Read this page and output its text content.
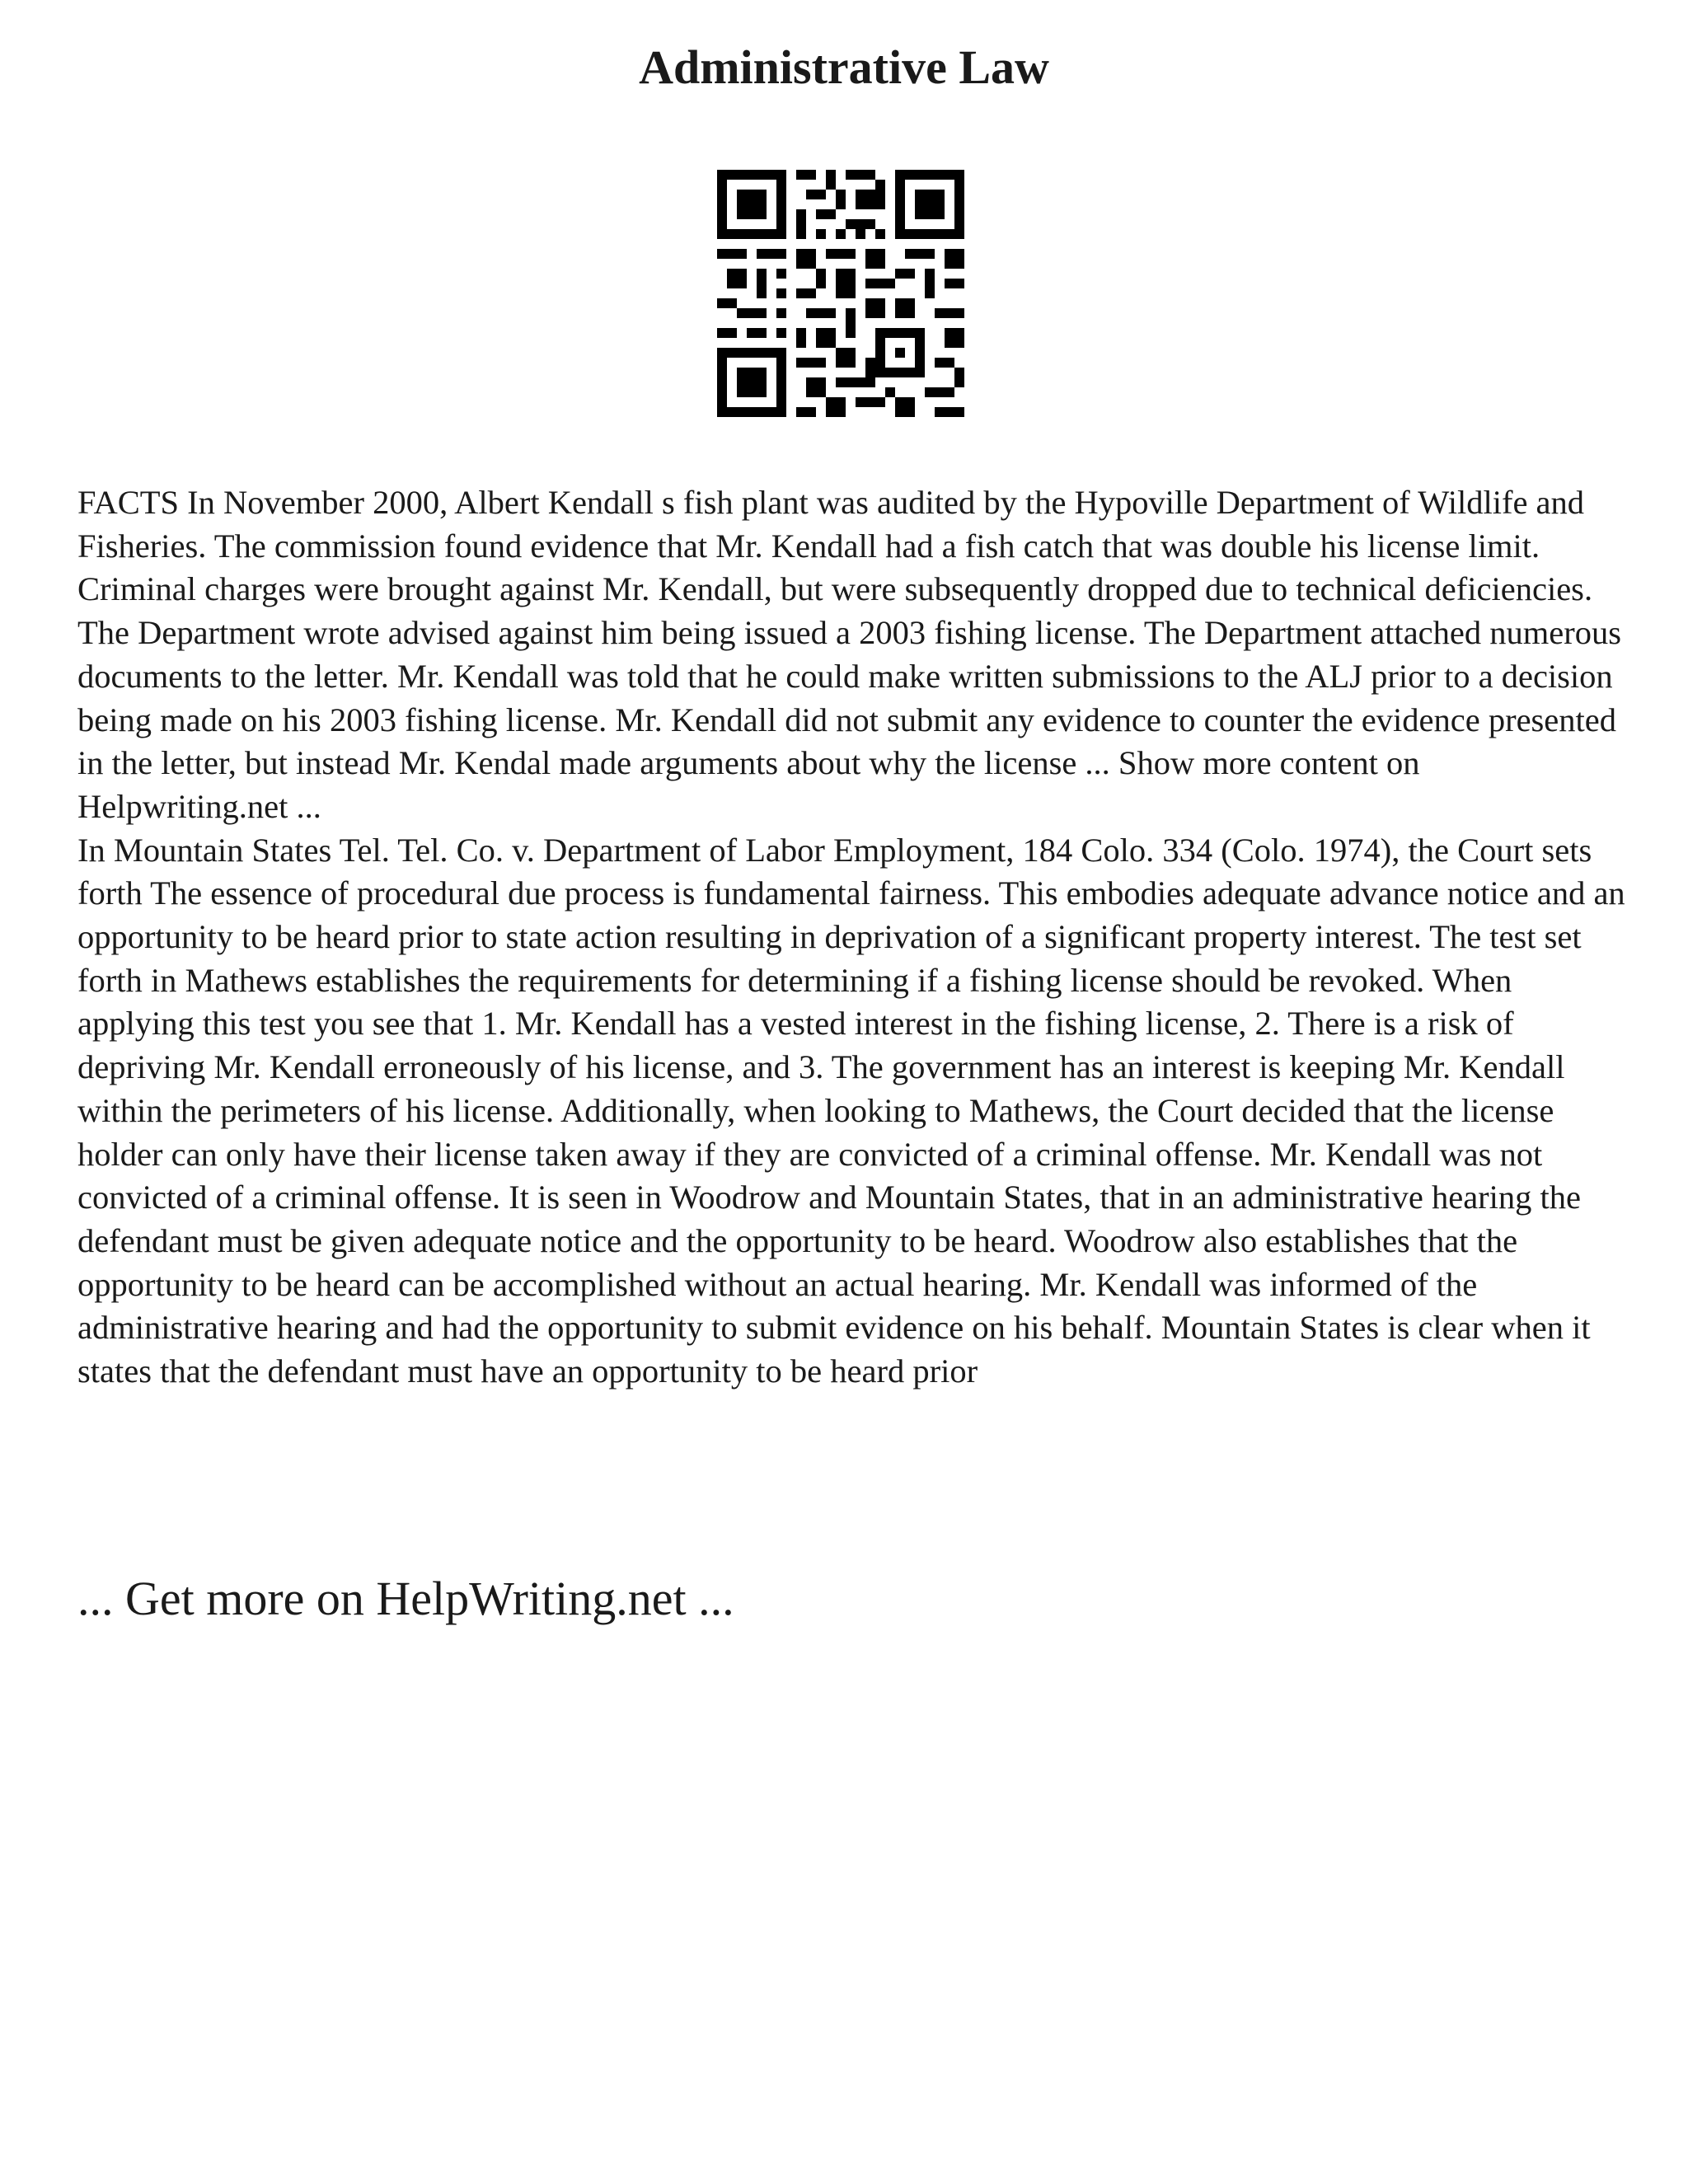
Administrative Law

FACTS In November 2000, Albert Kendall s fish plant was audited by the Hypoville Department of Wildlife and Fisheries. The commission found evidence that Mr. Kendall had a fish catch that was double his license limit. Criminal charges were brought against Mr. Kendall, but were subsequently dropped due to technical deficiencies. The Department wrote advised against him being issued a 2003 fishing license. The Department attached numerous documents to the letter. Mr. Kendall was told that he could make written submissions to the ALJ prior to a decision being made on his 2003 fishing license. Mr. Kendall did not submit any evidence to counter the evidence presented in the letter, but instead Mr. Kendal made arguments about why the license ... Show more content on Helpwriting.net ...

In Mountain States Tel. Tel. Co. v. Department of Labor Employment, 184 Colo. 334 (Colo. 1974), the Court sets forth The essence of procedural due process is fundamental fairness. This embodies adequate advance notice and an opportunity to be heard prior to state action resulting in deprivation of a significant property interest. The test set forth in Mathews establishes the requirements for determining if a fishing license should be revoked. When applying this test you see that 1. Mr. Kendall has a vested interest in the fishing license, 2. There is a risk of depriving Mr. Kendall erroneously of his license, and 3. The government has an interest is keeping Mr. Kendall within the perimeters of his license. Additionally, when looking to Mathews, the Court decided that the license holder can only have their license taken away if they are convicted of a criminal offense. Mr. Kendall was not convicted of a criminal offense. It is seen in Woodrow and Mountain States, that in an administrative hearing the defendant must be given adequate notice and the opportunity to be heard. Woodrow also establishes that the opportunity to be heard can be accomplished without an actual hearing. Mr. Kendall was informed of the administrative hearing and had the opportunity to submit evidence on his behalf. Mountain States is clear when it states that the defendant must have an opportunity to be heard prior

... Get more on HelpWriting.net ...
